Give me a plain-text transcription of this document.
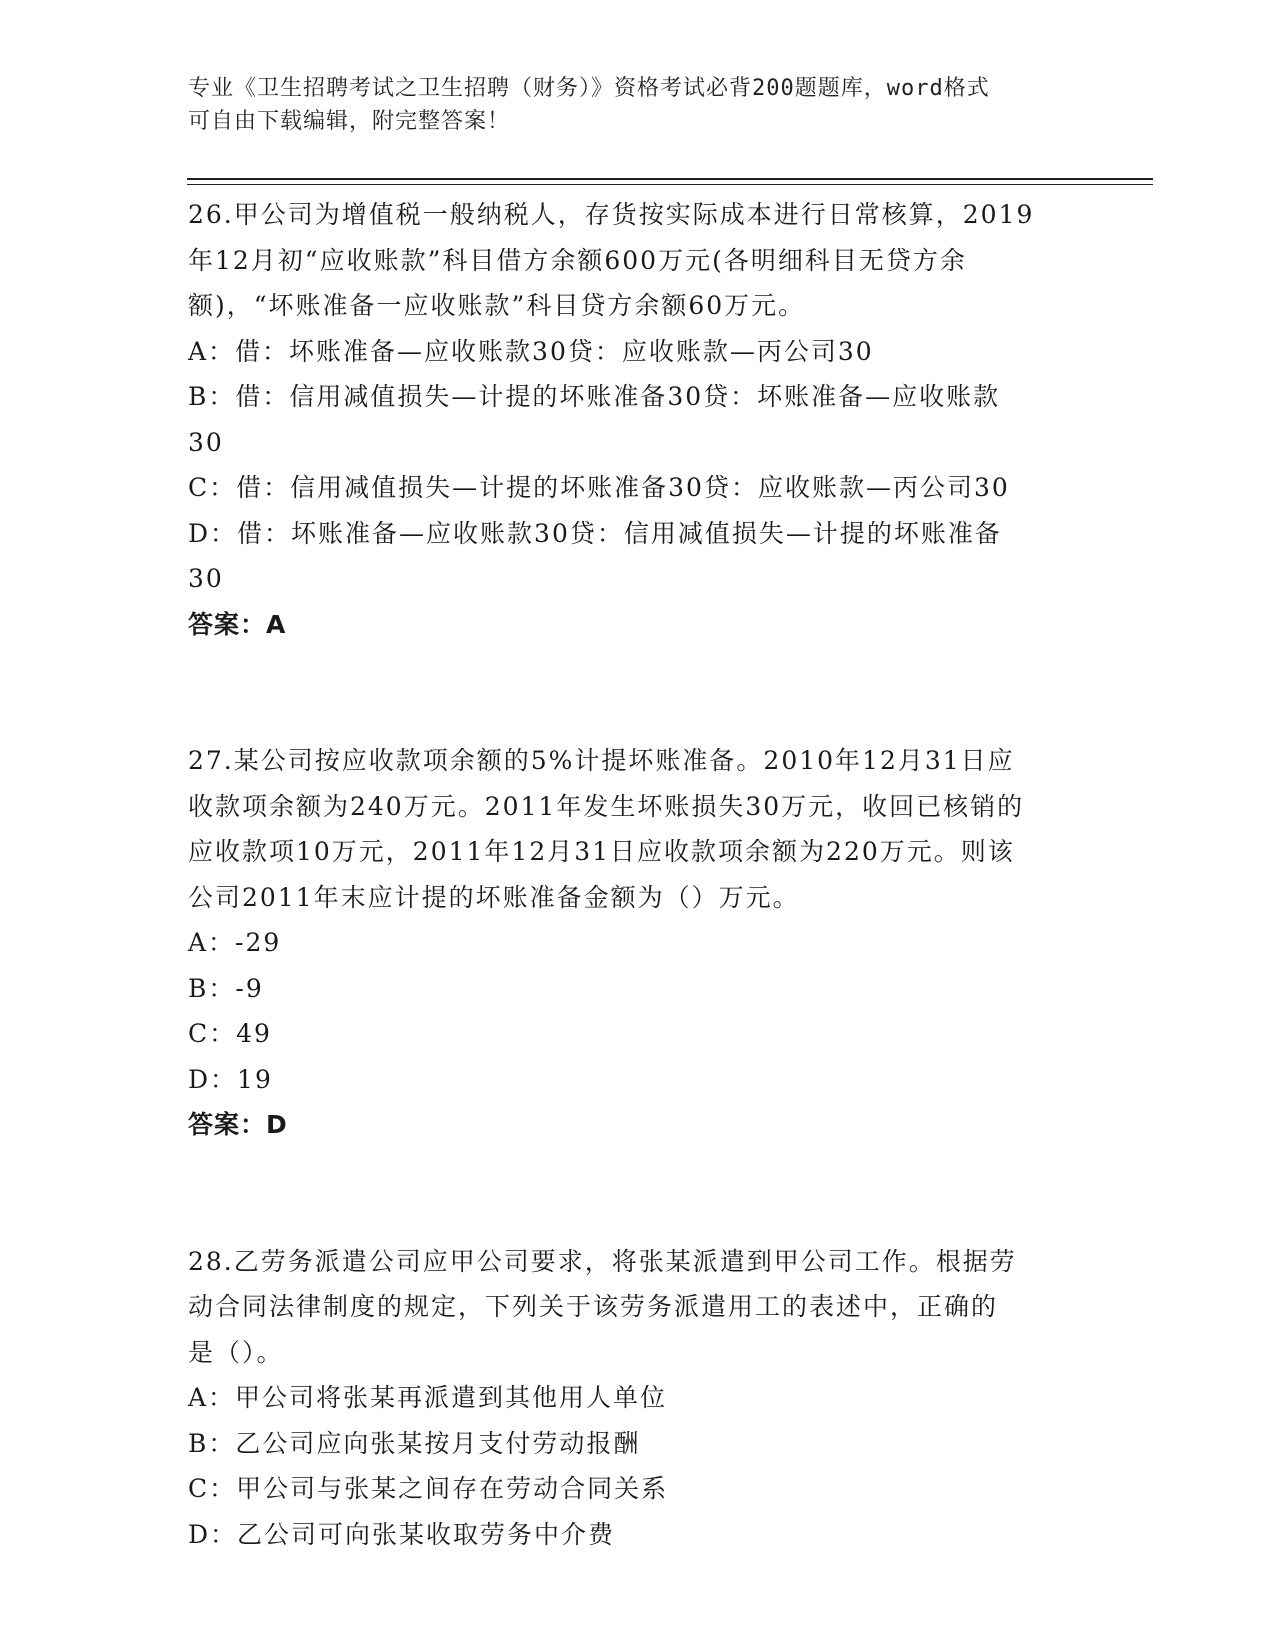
专业《卫生招聘考试之卫生招聘（财务）》资格考试必背200题题库，word格式
可自由下载编辑，附完整答案！
26.甲公司为增值税一般纳税人，存货按实际成本进行日常核算，2019
年12月初“应收账款”科目借方余额600万元(各明细科目无贷方余
额)，“坏账准备一应收账款”科目贷方余额60万元。
A：借：坏账准备—应收账款30贷：应收账款—丙公司30
B：借：信用减值损失—计提的坏账准备30贷：坏账准备—应收账款
30
C：借：信用减值损失—计提的坏账准备30贷：应收账款—丙公司30
D：借：坏账准备—应收账款30贷：信用减值损失—计提的坏账准备
30
答案：A
27.某公司按应收款项余额的5%计提坏账准备。2010年12月31日应
收款项余额为240万元。2011年发生坏账损失30万元，收回已核销的
应收款项10万元，2011年12月31日应收款项余额为220万元。则该
公司2011年末应计提的坏账准备金额为（）万元。
A：-29
B：-9
C：49
D：19
答案：D
28.乙劳务派遣公司应甲公司要求，将张某派遣到甲公司工作。根据劳
动合同法律制度的规定，下列关于该劳务派遣用工的表述中，正确的
是（）。
A：甲公司将张某再派遣到其他用人单位
B：乙公司应向张某按月支付劳动报酬
C：甲公司与张某之间存在劳动合同关系
D：乙公司可向张某收取劳务中介费
